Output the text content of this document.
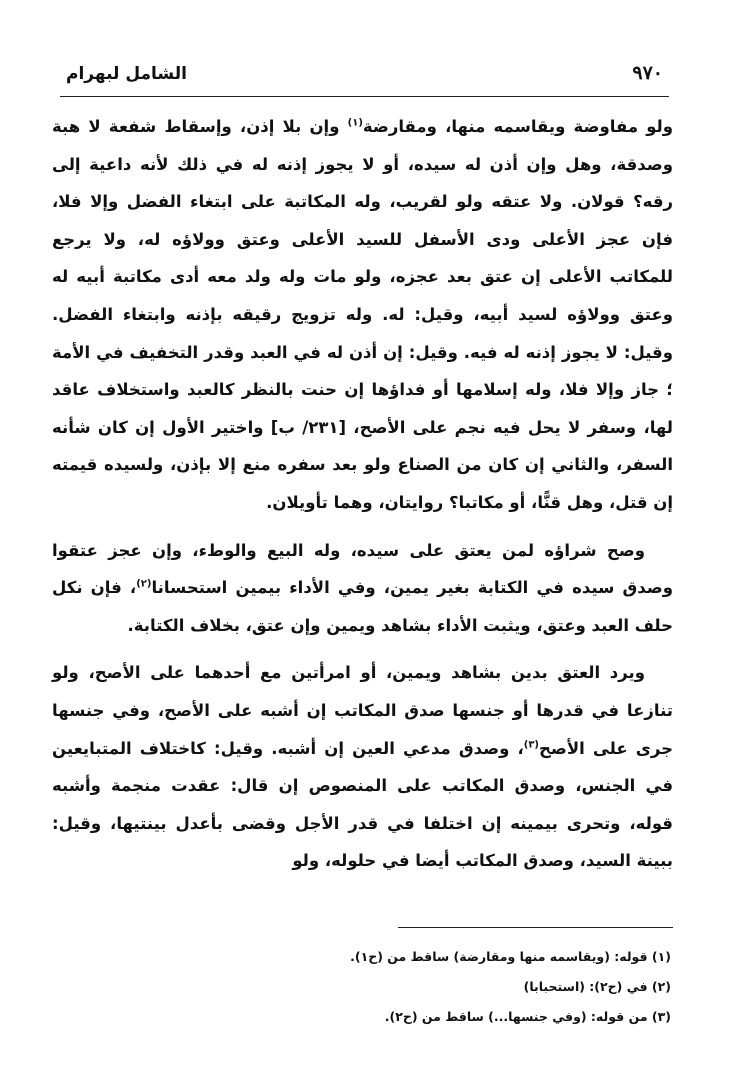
٩٧٠
الشامل لبهرام

ولو مفاوضة ويقاسمه منها، ومقارضة$^{(١)}$ وإن بلا إذن، وإسقاط شفعة لا هبة وصدقة، وهل وإن أذن له سيده، أو لا يجوز إذنه له في ذلك لأنه داعية إلى رقه؟ قولان. ولا عتقه ولو لقريب، وله المكاتبة على ابتغاء الفضل وإلا فلا، فإن عجز الأعلى ودى الأسفل للسيد الأعلى وعتق وولاؤه له، ولا يرجع للمكاتب الأعلى إن عتق بعد عجزه، ولو مات وله ولد معه أدى مكاتبة أبيه له وعتق وولاؤه لسيد أبيه، وقيل: له. وله تزويج رقيقه بإذنه وابتغاء الفضل. وقيل: لا يجوز إذنه له فيه. وقيل: إن أذن له في العبد وقدر التخفيف في الأمة ؛ جاز وإلا فلا، وله إسلامها أو فداؤها إن حنت بالنظر كالعبد واستخلاف عاقد لها، وسفر لا يحل فيه نجم على الأصح، [٢٣١/ ب] واختير الأول إن كان شأنه السفر، والثاني إن كان من الصناع ولو بعد سفره منع إلا بإذن، ولسيده قيمته إن قتل، وهل قنًّا، أو مكاتبا؟ روايتان، وهما تأويلان.

وصح شراؤه لمن يعتق على سيده، وله البيع والوطء، وإن عجز عتقوا وصدق سيده في الكتابة بغير يمين، وفي الأداء بيمين استحسانا$^{(٢)}$، فإن نكل حلف العبد وعتق، ويثبت الأداء بشاهد ويمين وإن عتق، بخلاف الكتابة.

ويرد العتق بدين بشاهد ويمين، أو امرأتين مع أحدهما على الأصح، ولو تنازعا في قدرها أو جنسها صدق المكاتب إن أشبه على الأصح، وفي جنسها جرى على الأصح$^{(٣)}$، وصدق مدعي العين إن أشبه. وقيل: كاختلاف المتبايعين في الجنس، وصدق المكاتب على المنصوص إن قال: عقدت منجمة وأشبه قوله، وتحرى بيمينه إن اختلفا في قدر الأجل وقضى بأعدل بينتيها، وقيل: ببينة السيد، وصدق المكاتب أيضا في حلوله، ولو

(١) قوله: (ويقاسمه منها ومقارضة) ساقط من (ح١).

(٢) في (ح٢): (استحبابا)

(٣) من قوله: (وفي جنسها...) ساقط من (ح٢).
